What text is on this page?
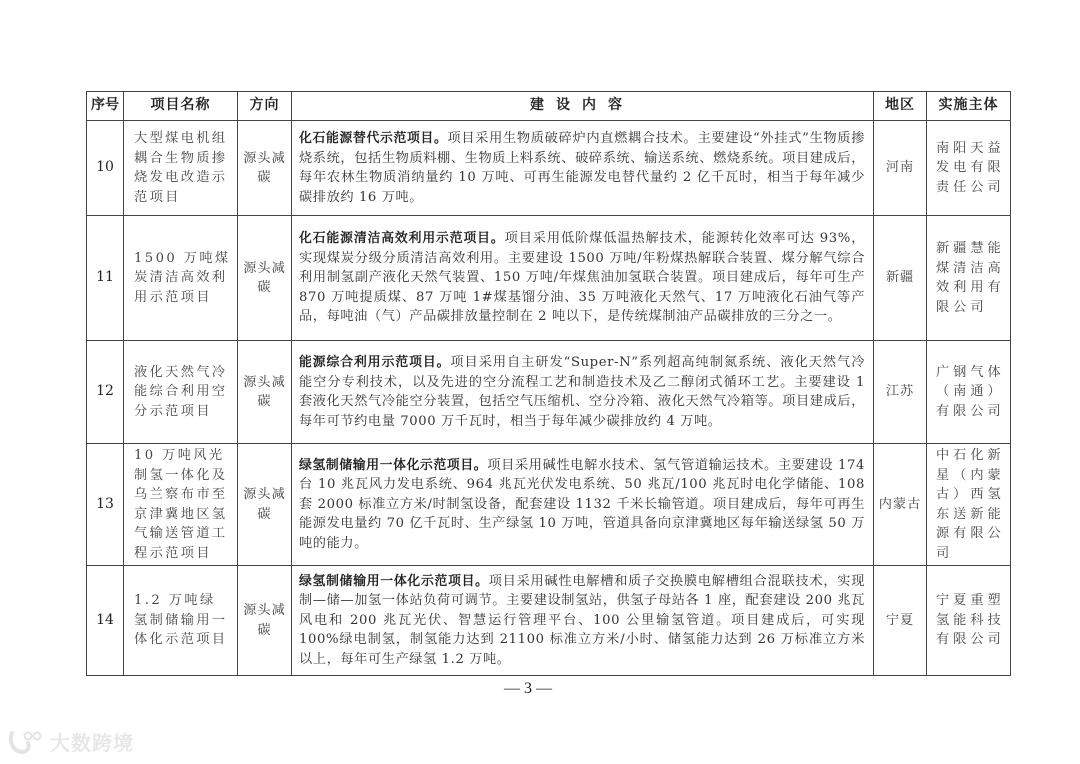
序号	项目名称	方向	建设内容	地区	实施主体
10	大型煤电机组耦合生物质掺烧发电改造示范项目	源头减碳	化石能源替代示范项目。项目采用生物质破碎炉内直燃耦合技术。主要建设“外挂式”生物质掺烧系统，包括生物质料棚、生物质上料系统、破碎系统、输送系统、燃烧系统。项目建成后，每年农林生物质消纳量约 10 万吨、可再生能源发电替代量约 2 亿千瓦时，相当于每年减少碳排放约 16 万吨。	河南	南阳天益发电有限责任公司
11	1500 万吨煤炭清洁高效利用示范项目	源头减碳	化石能源清洁高效利用示范项目。项目采用低阶煤低温热解技术，能源转化效率可达 93%，实现煤炭分级分质清洁高效利用。主要建设 1500 万吨/年粉煤热解联合装置、煤分解气综合利用制氢副产液化天然气装置、150 万吨/年煤焦油加氢联合装置。项目建成后，每年可生产 870 万吨提质煤、87 万吨 1#煤基馏分油、35 万吨液化天然气、17 万吨液化石油气等产品，每吨油（气）产品碳排放量控制在 2 吨以下，是传统煤制油产品碳排放的三分之一。	新疆	新疆慧能煤清洁高效利用有限公司
12	液化天然气冷能综合利用空分示范项目	源头减碳	能源综合利用示范项目。项目采用自主研发“Super-N”系列超高纯制氮系统、液化天然气冷能空分专利技术，以及先进的空分流程工艺和制造技术及乙二醇闭式循环工艺。主要建设 1 套液化天然气冷能空分装置，包括空气压缩机、空分冷箱、液化天然气冷箱等。项目建成后，每年可节约电量 7000 万千瓦时，相当于每年减少碳排放约 4 万吨。	江苏	广钢气体（南通）有限公司
13	10 万吨风光制氢一体化及乌兰察布市至京津冀地区氢气输送管道工程示范项目	源头减碳	绿氢制储输用一体化示范项目。项目采用碱性电解水技术、氢气管道输运技术。主要建设 174 台 10 兆瓦风力发电系统、964 兆瓦光伏发电系统、50 兆瓦/100 兆瓦时电化学储能、108 套 2000 标准立方米/时制氢设备，配套建设 1132 千米长输管道。项目建成后，每年可再生能源发电量约 70 亿千瓦时、生产绿氢 10 万吨，管道具备向京津冀地区每年输送绿氢 50 万吨的能力。	内蒙古	中石化新星（内蒙古）西氢东送新能源有限公司
14	1.2 万吨绿氢制储输用一体化示范项目	源头减碳	绿氢制储输用一体化示范项目。项目采用碱性电解槽和质子交换膜电解槽组合混联技术，实现制—储—加氢一体站负荷可调节。主要建设制氢站，供氢子母站各 1 座，配套建设 200 兆瓦风电和 200 兆瓦光伏、智慧运行管理平台、100 公里输氢管道。项目建成后，可实现 100%绿电制氢，制氢能力达到 21100 标准立方米/小时、储氢能力达到 26 万标准立方米以上，每年可生产绿氢 1.2 万吨。	宁夏	宁夏重塑氢能科技有限公司
— 3 —
大数跨境
